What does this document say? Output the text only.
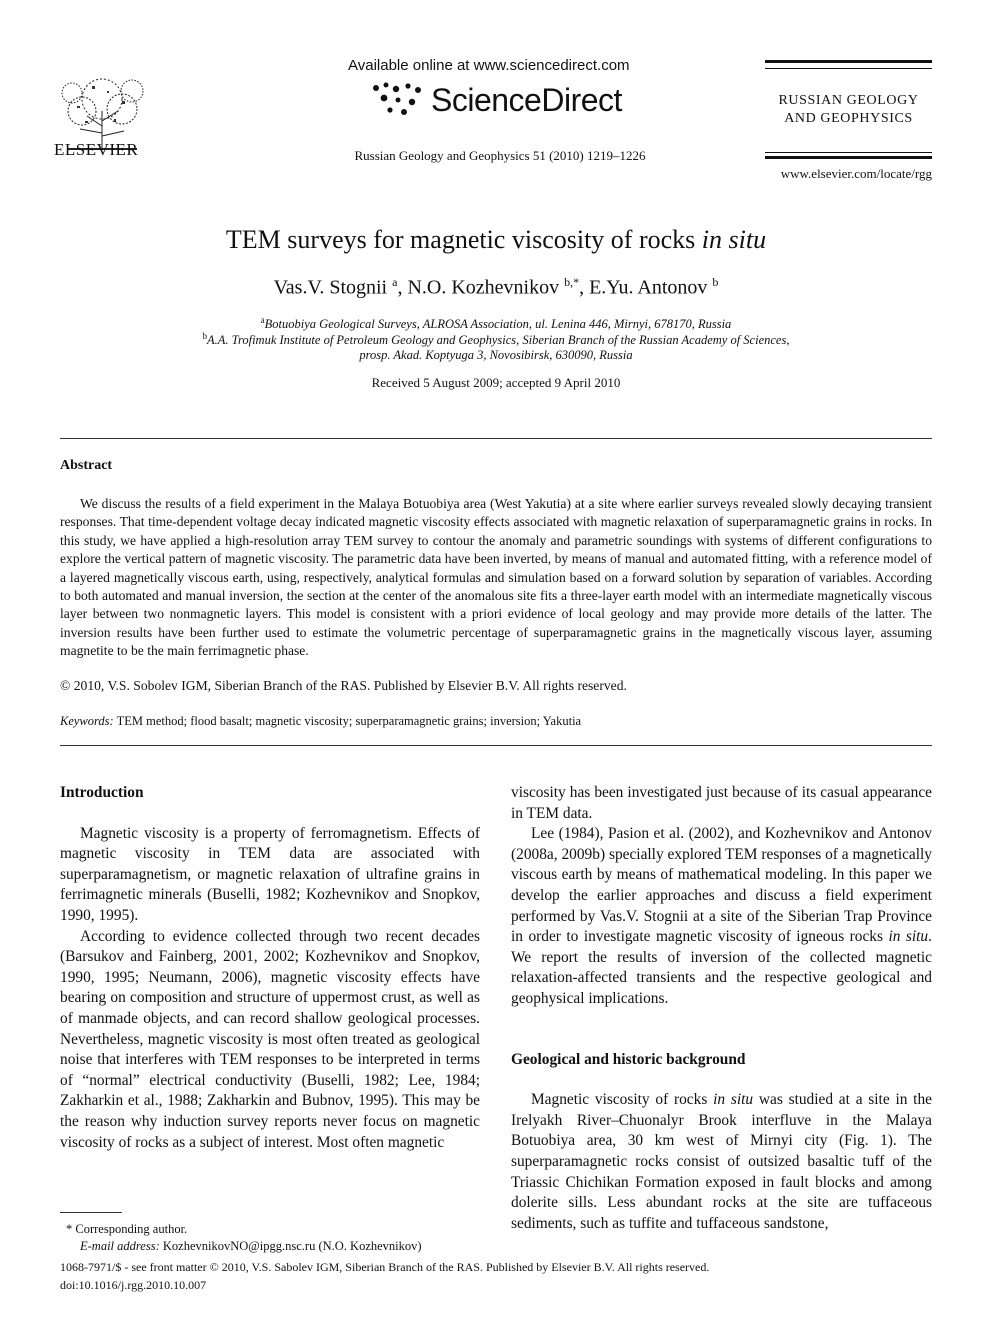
ELSEVIER
Available online at www.sciencedirect.com
ScienceDirect
Russian Geology and Geophysics 51 (2010) 1219–1226
RUSSIAN GEOLOGY
AND GEOPHYSICS
www.elsevier.com/locate/rgg
TEM surveys for magnetic viscosity of rocks in situ
Vas.V. Stognii $^a$, N.O. Kozhevnikov $^{b,*}$, E.Yu. Antonov $^b$
$^a$Botuobiya Geological Surveys, ALROSA Association, ul. Lenina 446, Mirnyi, 678170, Russia
$^b$A.A. Trofimuk Institute of Petroleum Geology and Geophysics, Siberian Branch of the Russian Academy of Sciences,
prosp. Akad. Koptyuga 3, Novosibirsk, 630090, Russia
Received 5 August 2009; accepted 9 April 2010
Abstract
We discuss the results of a field experiment in the Malaya Botuobiya area (West Yakutia) at a site where earlier surveys revealed slowly decaying transient responses. That time-dependent voltage decay indicated magnetic viscosity effects associated with magnetic relaxation of superparamagnetic grains in rocks. In this study, we have applied a high-resolution array TEM survey to contour the anomaly and parametric soundings with systems of different configurations to explore the vertical pattern of magnetic viscosity. The parametric data have been inverted, by means of manual and automated fitting, with a reference model of a layered magnetically viscous earth, using, respectively, analytical formulas and simulation based on a forward solution by separation of variables. According to both automated and manual inversion, the section at the center of the anomalous site fits a three-layer earth model with an intermediate magnetically viscous layer between two nonmagnetic layers. This model is consistent with a priori evidence of local geology and may provide more details of the latter. The inversion results have been further used to estimate the volumetric percentage of superparamagnetic grains in the magnetically viscous layer, assuming magnetite to be the main ferrimagnetic phase.
© 2010, V.S. Sobolev IGM, Siberian Branch of the RAS. Published by Elsevier B.V. All rights reserved.
Keywords: TEM method; flood basalt; magnetic viscosity; superparamagnetic grains; inversion; Yakutia
Introduction

Magnetic viscosity is a property of ferromagnetism. Effects of magnetic viscosity in TEM data are associated with superparamagnetism, or magnetic relaxation of ultrafine grains in ferrimagnetic minerals (Buselli, 1982; Kozhevnikov and Snopkov, 1990, 1995).

According to evidence collected through two recent decades (Barsukov and Fainberg, 2001, 2002; Kozhevnikov and Snopkov, 1990, 1995; Neumann, 2006), magnetic viscosity effects have bearing on composition and structure of uppermost crust, as well as of manmade objects, and can record shallow geological processes. Nevertheless, magnetic viscosity is most often treated as geological noise that interferes with TEM responses to be interpreted in terms of “normal” electrical conductivity (Buselli, 1982; Lee, 1984; Zakharkin et al., 1988; Zakharkin and Bubnov, 1995). This may be the reason why induction survey reports never focus on magnetic viscosity of rocks as a subject of interest. Most often magnetic

viscosity has been investigated just because of its casual appearance in TEM data.

Lee (1984), Pasion et al. (2002), and Kozhevnikov and Antonov (2008a, 2009b) specially explored TEM responses of a magnetically viscous earth by means of mathematical modeling. In this paper we develop the earlier approaches and discuss a field experiment performed by Vas.V. Stognii at a site of the Siberian Trap Province in order to investigate magnetic viscosity of igneous rocks in situ. We report the results of inversion of the collected magnetic relaxation-affected transients and the respective geological and geophysical implications.

Geological and historic background

Magnetic viscosity of rocks in situ was studied at a site in the Irelyakh River–Chuonalyr Brook interfluve in the Malaya Botuobiya area, 30 km west of Mirnyi city (Fig. 1). The superparamagnetic rocks consist of outsized basaltic tuff of the Triassic Chichikan Formation exposed in fault blocks and among dolerite sills. Less abundant rocks at the site are tuffaceous sediments, such as tuffite and tuffaceous sandstone,

* Corresponding author.
E-mail address: KozhevnikovNO@ipgg.nsc.ru (N.O. Kozhevnikov)
1068-7971/$ - see front matter © 2010, V.S. Sabolev IGM, Siberian Branch of the RAS. Published by Elsevier B.V. All rights reserved.
doi:10.1016/j.rgg.2010.10.007
